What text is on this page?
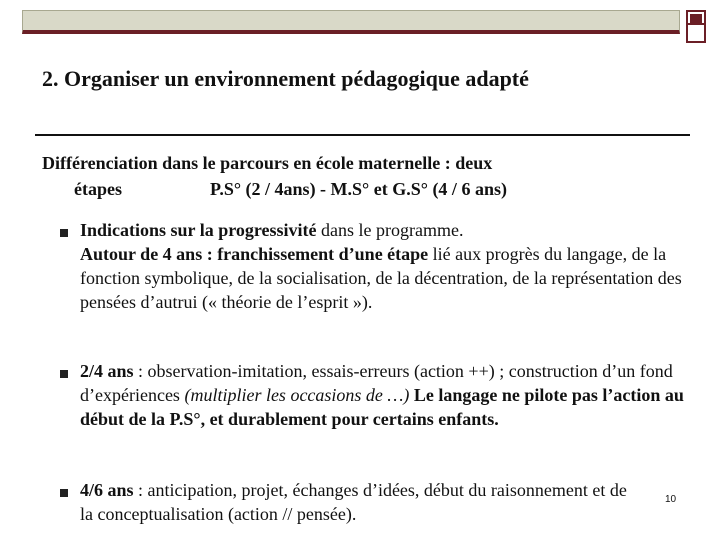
2. Organiser un environnement pédagogique adapté
Différenciation dans le parcours en école maternelle : deux
étapes	P.S° (2 / 4ans) - M.S° et G.S° (4 / 6 ans)

Indications sur la progressivité dans le programme.
Autour de 4 ans : franchissement d’une étape lié aux progrès du langage, de la fonction symbolique, de la socialisation, de la décentration, de la représentation des pensées d’autrui (« théorie de l’esprit »).

2/4 ans : observation-imitation, essais-erreurs (action ++) ; construction d’un fond d’expériences (multiplier les occasions de …) Le langage ne pilote pas l’action au début de la P.S°, et durablement pour certains enfants.

4/6 ans : anticipation, projet, échanges d’idées, début du raisonnement et de la conceptualisation (action // pensée).

10
